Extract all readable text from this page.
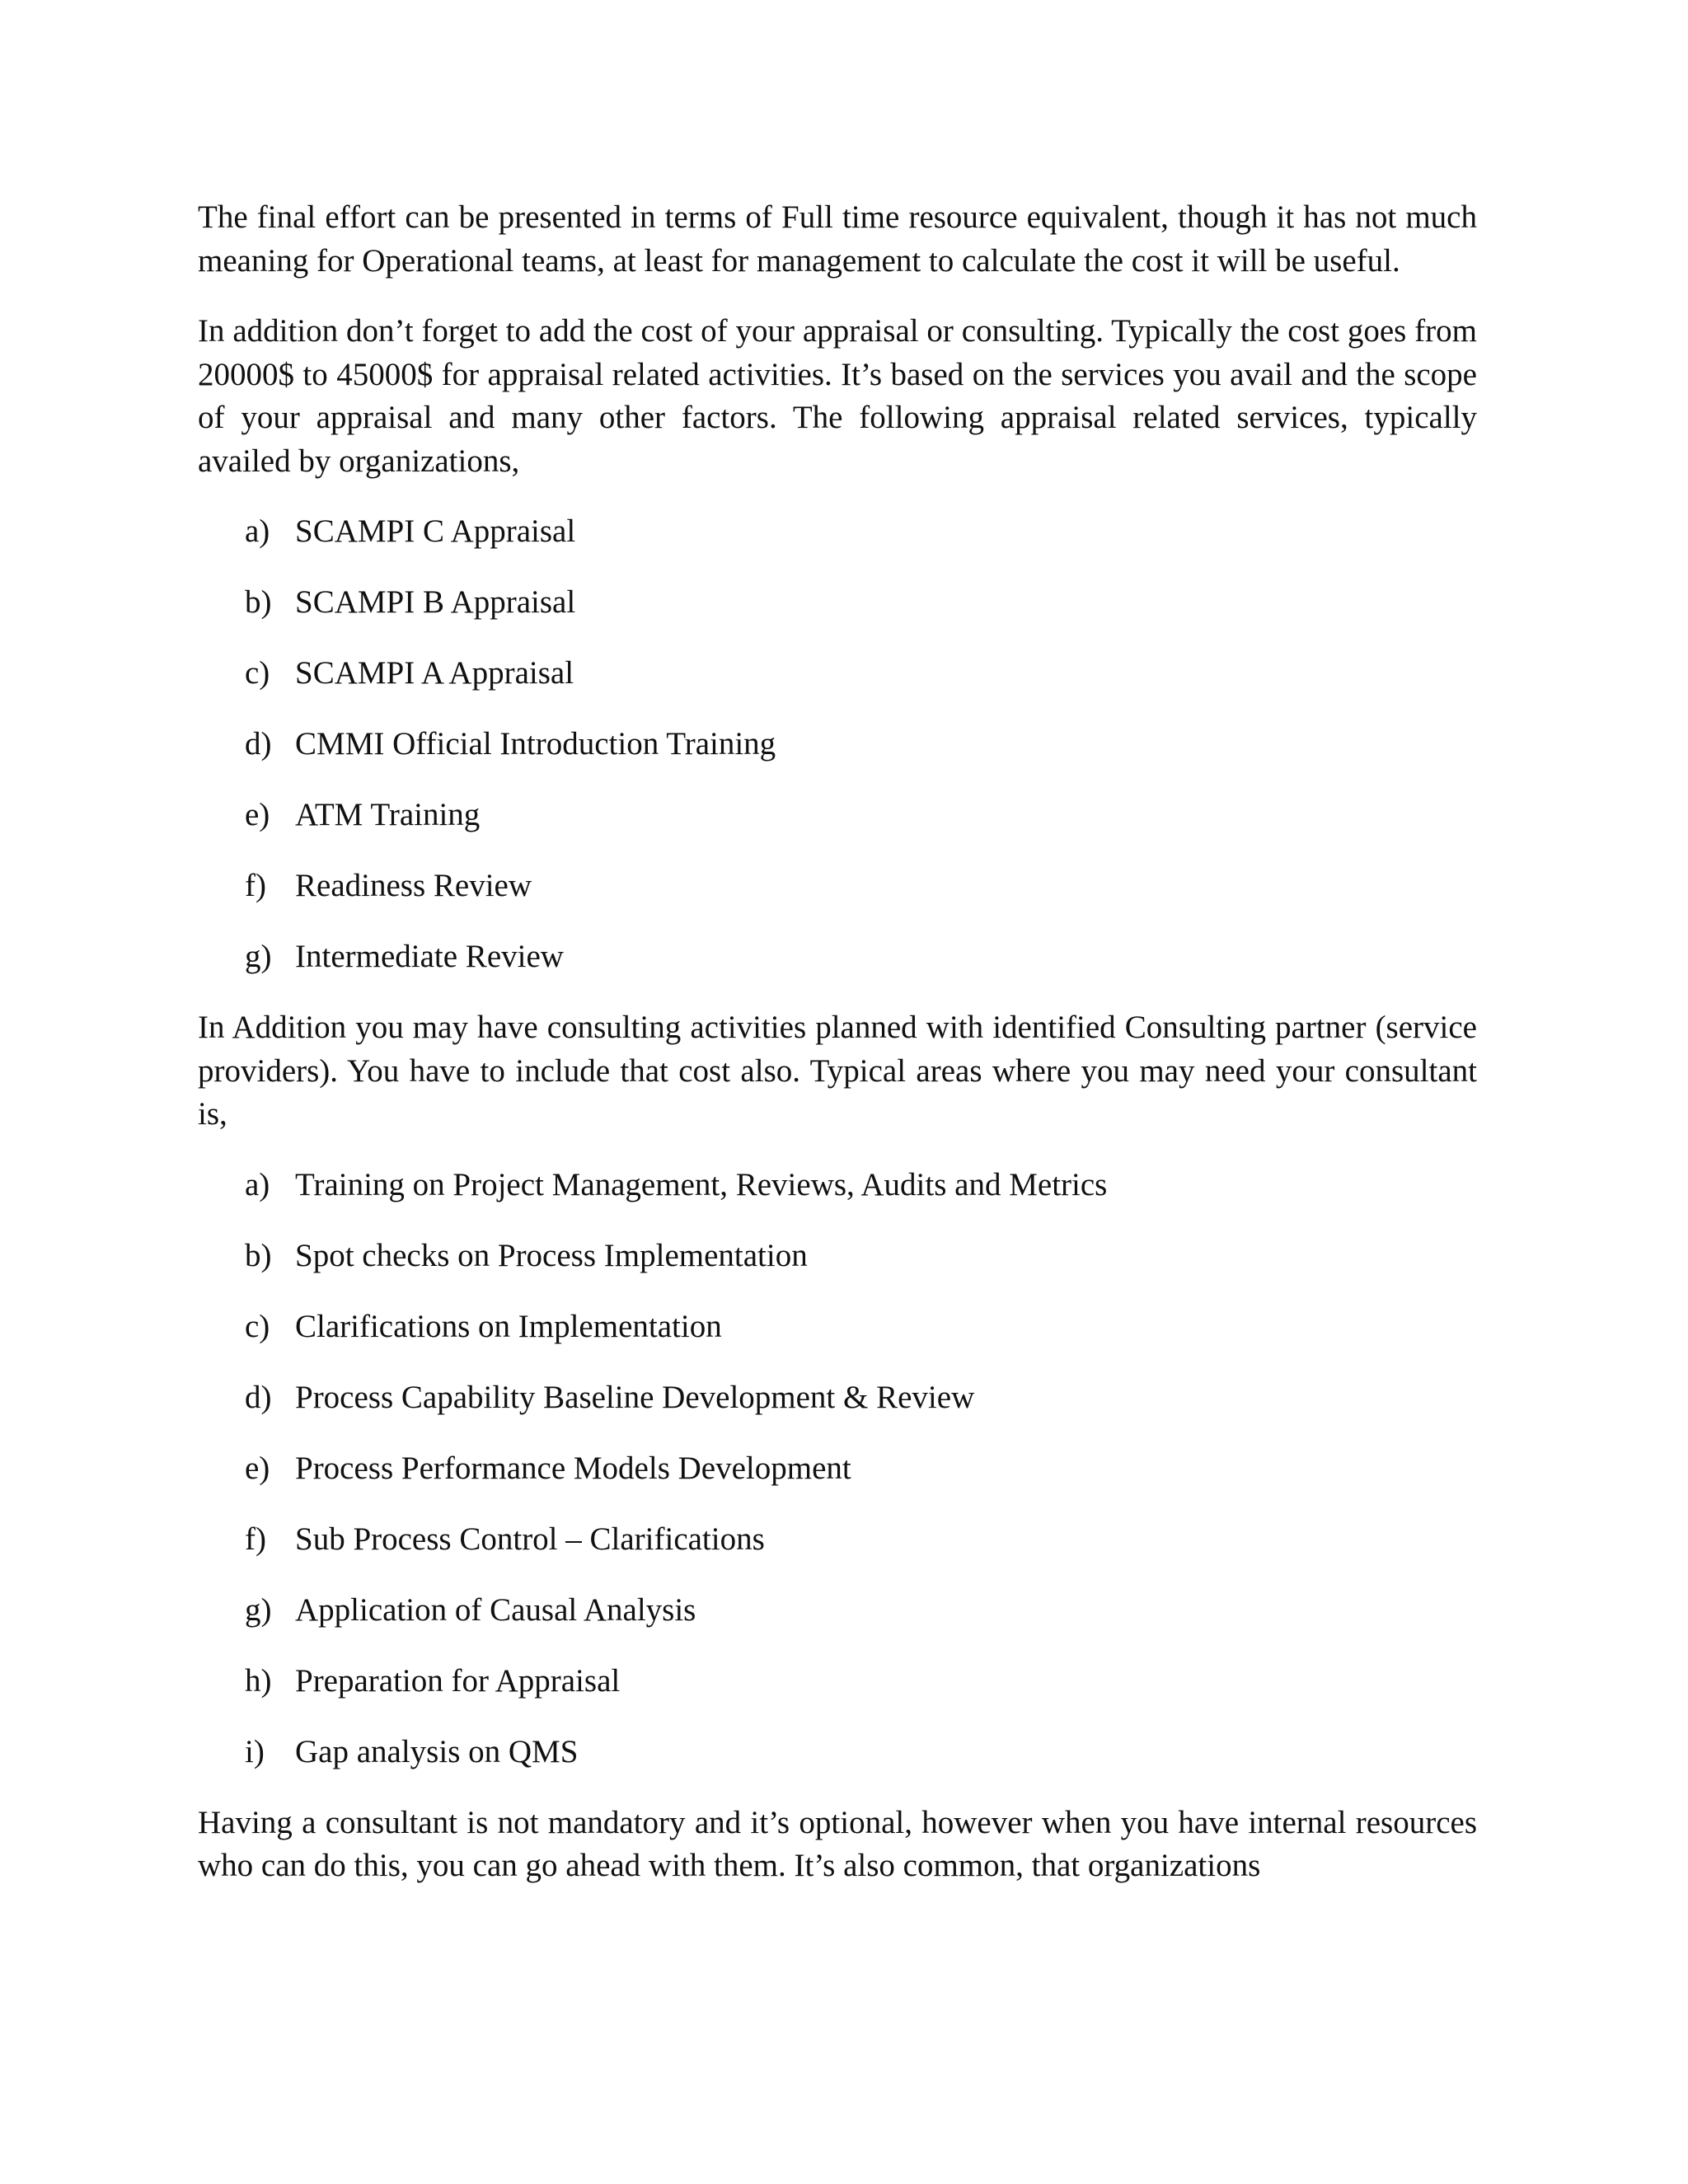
The final effort can be presented in terms of Full time resource equivalent, though it has not much meaning for Operational teams, at least for management to calculate the cost it will be useful.

In addition don’t forget to add the cost of your appraisal or consulting. Typically the cost goes from 20000$ to 45000$ for appraisal related activities. It’s based on the services you avail and the scope of your appraisal and many other factors. The following appraisal related services, typically availed by organizations,

a) SCAMPI C Appraisal
b) SCAMPI B Appraisal
c) SCAMPI A Appraisal
d) CMMI Official Introduction Training
e) ATM Training
f) Readiness Review
g) Intermediate Review

In Addition you may have consulting activities planned with identified Consulting partner (service providers). You have to include that cost also. Typical areas where you may need your consultant is,

a) Training on Project Management, Reviews, Audits and Metrics
b) Spot checks on Process Implementation
c) Clarifications on Implementation
d) Process Capability Baseline Development & Review
e) Process Performance Models Development
f) Sub Process Control – Clarifications
g) Application of Causal Analysis
h) Preparation for Appraisal
i) Gap analysis on QMS

Having a consultant is not mandatory and it’s optional, however when you have internal resources who can do this, you can go ahead with them. It’s also common, that organizations
